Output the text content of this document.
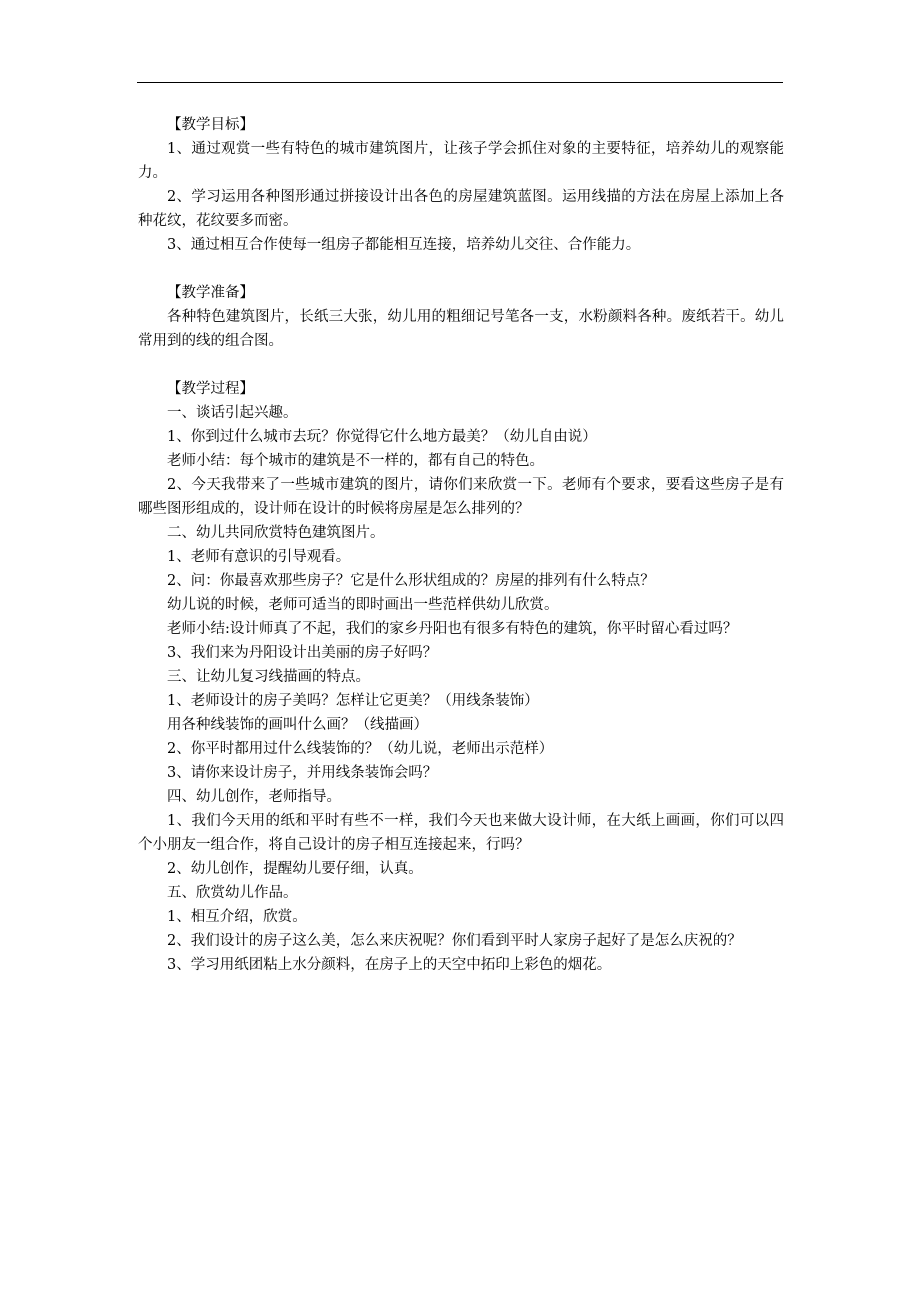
【教学目标】
1、通过观赏一些有特色的城市建筑图片，让孩子学会抓住对象的主要特征，培养幼儿的观察能力。
2、学习运用各种图形通过拼接设计出各色的房屋建筑蓝图。运用线描的方法在房屋上添加上各种花纹，花纹要多而密。
3、通过相互合作使每一组房子都能相互连接，培养幼儿交往、合作能力。
【教学准备】
各种特色建筑图片，长纸三大张，幼儿用的粗细记号笔各一支，水粉颜料各种。废纸若干。幼儿常用到的线的组合图。
【教学过程】
一、谈话引起兴趣。
1、你到过什么城市去玩？你觉得它什么地方最美？（幼儿自由说）
老师小结：每个城市的建筑是不一样的，都有自己的特色。
2、今天我带来了一些城市建筑的图片，请你们来欣赏一下。老师有个要求，要看这些房子是有哪些图形组成的，设计师在设计的时候将房屋是怎么排列的？
二、幼儿共同欣赏特色建筑图片。
1、老师有意识的引导观看。
2、问：你最喜欢那些房子？它是什么形状组成的？房屋的排列有什么特点？
幼儿说的时候，老师可适当的即时画出一些范样供幼儿欣赏。
老师小结:设计师真了不起，我们的家乡丹阳也有很多有特色的建筑，你平时留心看过吗？
3、我们来为丹阳设计出美丽的房子好吗？
三、让幼儿复习线描画的特点。
1、老师设计的房子美吗？怎样让它更美？（用线条装饰）
用各种线装饰的画叫什么画？（线描画）
2、你平时都用过什么线装饰的？（幼儿说，老师出示范样）
3、请你来设计房子，并用线条装饰会吗？
四、幼儿创作，老师指导。
1、我们今天用的纸和平时有些不一样，我们今天也来做大设计师，在大纸上画画，你们可以四个小朋友一组合作，将自己设计的房子相互连接起来，行吗？
2、幼儿创作，提醒幼儿要仔细，认真。
五、欣赏幼儿作品。
1、相互介绍，欣赏。
2、我们设计的房子这么美，怎么来庆祝呢？你们看到平时人家房子起好了是怎么庆祝的？
3、学习用纸团粘上水分颜料，在房子上的天空中拓印上彩色的烟花。
